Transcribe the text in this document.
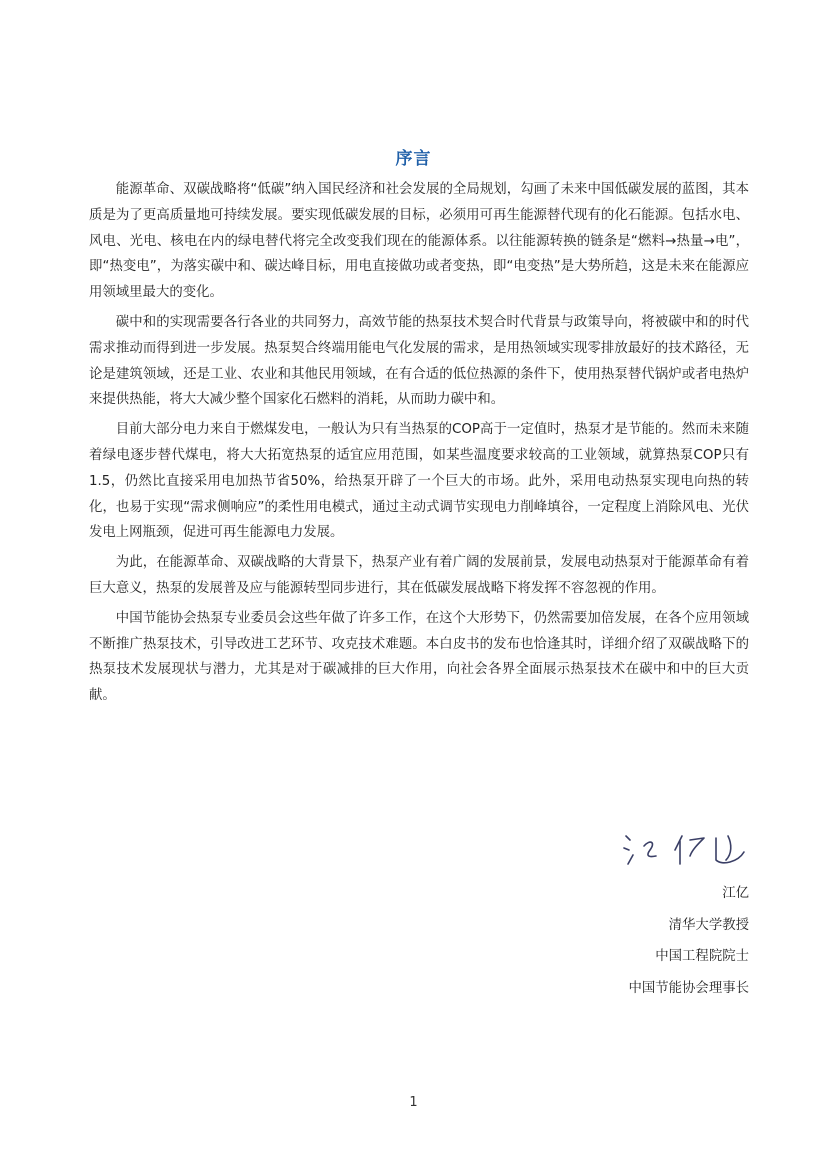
序言

能源革命、双碳战略将“低碳”纳入国民经济和社会发展的全局规划，勾画了未来中国低碳发展的蓝图，其本质是为了更高质量地可持续发展。要实现低碳发展的目标，必须用可再生能源替代现有的化石能源。包括水电、风电、光电、核电在内的绿电替代将完全改变我们现在的能源体系。以往能源转换的链条是“燃料→热量→电”，即“热变电”，为落实碳中和、碳达峰目标，用电直接做功或者变热，即“电变热”是大势所趋，这是未来在能源应用领域里最大的变化。

碳中和的实现需要各行各业的共同努力，高效节能的热泵技术契合时代背景与政策导向，将被碳中和的时代需求推动而得到进一步发展。热泵契合终端用能电气化发展的需求，是用热领域实现零排放最好的技术路径，无论是建筑领域，还是工业、农业和其他民用领域，在有合适的低位热源的条件下，使用热泵替代锅炉或者电热炉来提供热能，将大大减少整个国家化石燃料的消耗，从而助力碳中和。

目前大部分电力来自于燃煤发电，一般认为只有当热泵的COP高于一定值时，热泵才是节能的。然而未来随着绿电逐步替代煤电，将大大拓宽热泵的适宜应用范围，如某些温度要求较高的工业领域，就算热泵COP只有1.5，仍然比直接采用电加热节省50%，给热泵开辟了一个巨大的市场。此外，采用电动热泵实现电向热的转化，也易于实现“需求侧响应”的柔性用电模式，通过主动式调节实现电力削峰填谷，一定程度上消除风电、光伏发电上网瓶颈，促进可再生能源电力发展。

为此，在能源革命、双碳战略的大背景下，热泵产业有着广阔的发展前景，发展电动热泵对于能源革命有着巨大意义，热泵的发展普及应与能源转型同步进行，其在低碳发展战略下将发挥不容忽视的作用。

中国节能协会热泵专业委员会这些年做了许多工作，在这个大形势下，仍然需要加倍发展，在各个应用领域不断推广热泵技术，引导改进工艺环节、攻克技术难题。本白皮书的发布也恰逢其时，详细介绍了双碳战略下的热泵技术发展现状与潜力，尤其是对于碳减排的巨大作用，向社会各界全面展示热泵技术在碳中和中的巨大贡献。

江亿
清华大学教授
中国工程院院士
中国节能协会理事长
1
